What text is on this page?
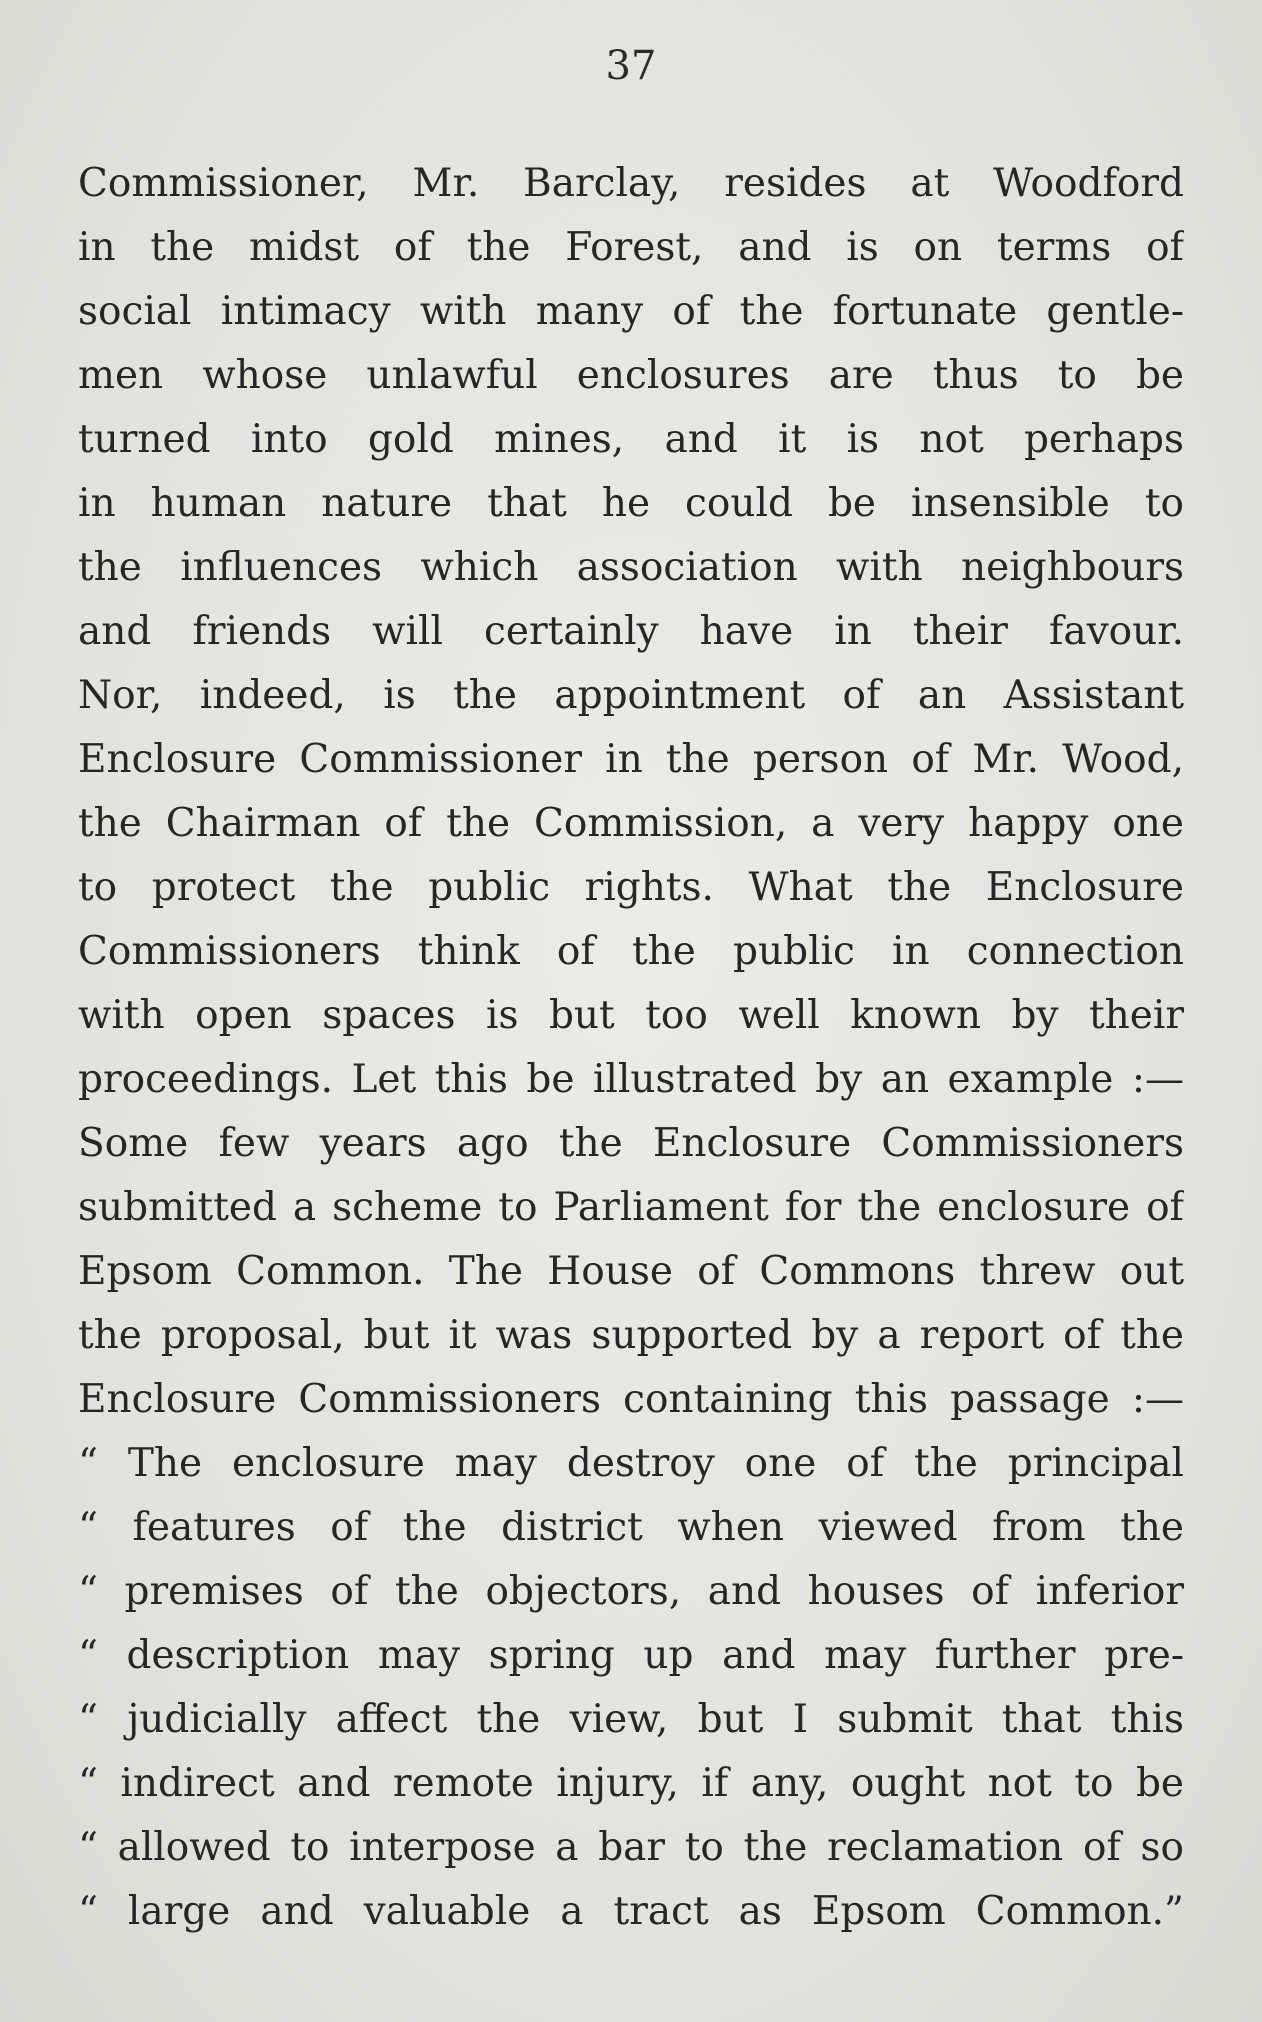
37
Commissioner, Mr. Barclay, resides at Woodford
in the midst of the Forest, and is on terms of
social intimacy with many of the fortunate gentle-
men whose unlawful enclosures are thus to be
turned into gold mines, and it is not perhaps
in human nature that he could be insensible to
the influences which association with neighbours
and friends will certainly have in their favour.
Nor, indeed, is the appointment of an Assistant
Enclosure Commissioner in the person of Mr. Wood,
the Chairman of the Commission, a very happy one
to protect the public rights. What the Enclosure
Commissioners think of the public in connection
with open spaces is but too well known by their
proceedings. Let this be illustrated by an example :—
Some few years ago the Enclosure Commissioners
submitted a scheme to Parliament for the enclosure of
Epsom Common. The House of Commons threw out
the proposal, but it was supported by a report of the
Enclosure Commissioners containing this passage :—
“ The enclosure may destroy one of the principal
“ features of the district when viewed from the
“ premises of the objectors, and houses of inferior
“ description may spring up and may further pre-
“ judicially affect the view, but I submit that this
“ indirect and remote injury, if any, ought not to be
“ allowed to interpose a bar to the reclamation of so
“ large and valuable a tract as Epsom Common.”
